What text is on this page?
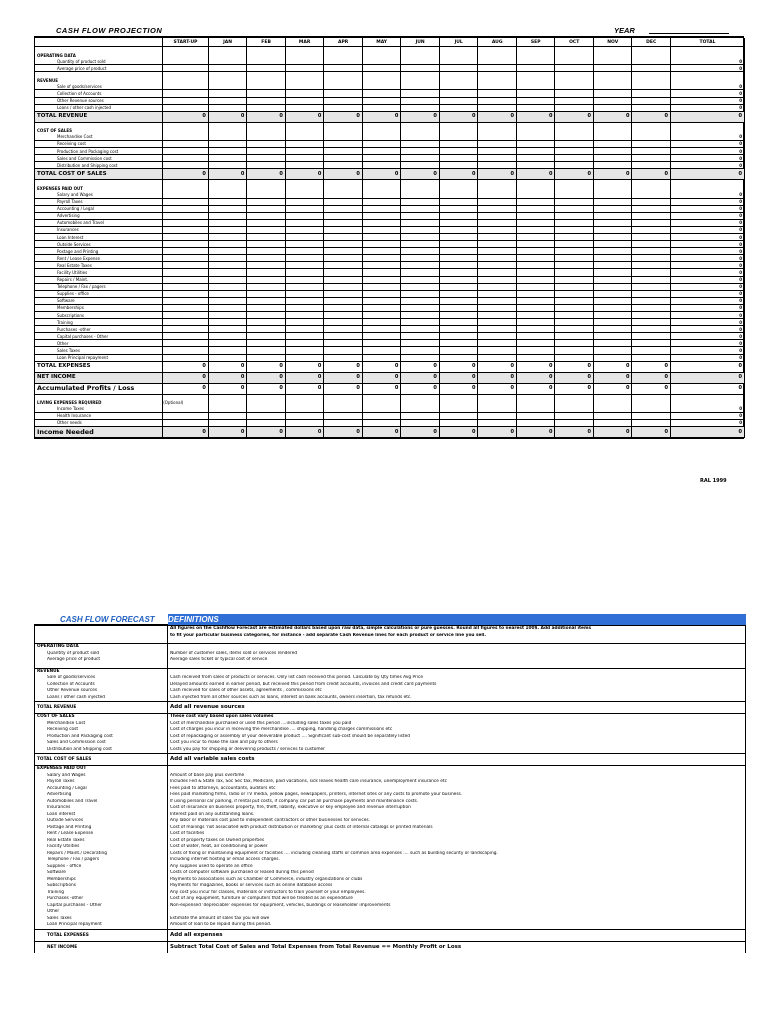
CASH FLOW PROJECTION	YEAR
	START-UP	JAN	FEB	MAR	APR	MAY	JUN	JUL	AUG	SEP	OCT	NOV	DEC	TOTAL

OPERATING DATA														
Quantity of product sold														0
Average price of product														0

REVENUE														
Sale of goods/services														0
Collection of Accounts														0
Other Revenue sources														0
Loans / other cash injected														0
TOTAL REVENUE	0	0	0	0	0	0	0	0	0	0	0	0	0	0

COST OF SALES														
Merchandise Cost														0
Receiving cost														0
Production and Packaging cost														0
Sales and Commission cost														0
Distribution and Shipping cost														0
TOTAL COST OF SALES	0	0	0	0	0	0	0	0	0	0	0	0	0	0

EXPENSES PAID OUT														
Salary and Wages														0
Payroll Taxes														0
Accounting / Legal														0
Advertising														0
Automobiles and Travel														0
Insurances														0
Loan Interest														0
Outside Services														0
Postage and Printing														0
Rent / Lease Expense														0
Real Estate Taxes														0
Facility Utilities														0
Repairs / Maint.														0
Telephone / Fax / pagers														0
Supplies - office														0
Software														0
Memberships														0
Subscriptions														0
Training														0
Purchases -other														0
Capital purchases - Other														0
Other														0
Sales Taxes														0
Loan Principal repayment														0
TOTAL EXPENSES	0	0	0	0	0	0	0	0	0	0	0	0	0	0
NET INCOME	0	0	0	0	0	0	0	0	0	0	0	0	0	0
Accumulated Profits / Loss	0	0	0	0	0	0	0	0	0	0	0	0	0	0

LIVING EXPENSES REQUIRED	(Optional)													
Income Taxes														0
Health Insurance														0
Other needs														0
Income Needed	0	0	0	0	0	0	0	0	0	0	0	0	0	0
RAL 1999
CASH FLOW FORECAST	DEFINITIONS
	All figures on the Cashflow Forecast are estimated dollars based upon raw data, simple calculations or pure guesses. Round all figures to nearest 100$. Add additional items
	to fit your particular business categories, for instance - add separate Cash Revenue lines for each product or service line you sell.

OPERATING DATA	
Quantity of product sold	Number of customer sales, items sold or services rendered
Average price of product	Average sales ticket or typical cost of service

REVENUE	
Sale of goods/services	Cash received from sales of products or services. Only list cash received this period. Calculate by Qty times Avg Price
Collection of Accounts	Delayed amounts earned in earlier period, but received this period from credit accounts, invoices and credit card payments
Other Revenue sources	Cash received for sales of other assets, agreements , commissions etc
Loans / other cash injected	Cash injected from all other sources such as loans, interest on bank accounts, owners insertion, tax refunds etc.
TOTAL REVENUE	Add all revenue sources
COST OF SALES	These cost vary based upon sales volumes
Merchandise Cost	Cost of merchandise purchased or used this period ....including sales taxes you paid
Receiving cost	Cost of charges you incur in receiving the merchandise .... shipping, handling charges commissions etc
Production and Packaging cost	Cost of repackaging or assembly of your deliverable product .... Significant sub-cost should be separately listed
Sales and Commission cost	Cost you incur to make the sale and pay to others
Distribution and Shipping cost	Costs you pay for shipping or delivering products / services to customer
TOTAL COST OF SALES	Add all variable sales costs
EXPENSES PAID OUT	
Salary and Wages	Amount of base pay plus overtime
Payroll Taxes	Includes Fed & State Tax, Soc Sec tax, Medicare, paid vacations, sick leaves health care insurance, unemployment insurance etc
Accounting / Legal	Fees paid to attorneys, accountants, auditors etc
Advertising	Fees paid marketing firms, radio or TV media, yellow pages, newspapers, printers, internet sites or any costs to promote your business.
Automobiles and Travel	If using personal car parking, if rental put costs, if company car put all purchase payments and maintenance costs.
Insurances	Cost of insurance on business property, fire, theft, liability, executive or key employee and revenue interruption
Loan interest	Interest paid on any outstanding loans.
Outside Services	Any labor or materials cost paid to independent contractors or other businesses for services.
Postage and Printing	Cost of mailings 'not associated with product distribution or marketing' plus costs of internal catalogs or printed materials
Rent / Lease Expense	Cost of facilities
Real Estate Taxes	Cost of property taxes on Owned properties
Facility Utilities	Cost of water, heat, air conditioning or power
Repairs / Maint./ Decorating	Costs of fixing or maintaining equipment or facilities .... including cleaning staffs or common area expenses .... such as building security or landscaping.
Telephone / Fax / pagers	Including internet hosting or email access charges.
Supplies - office	Any supplies used to operate an office
Software	Costs of computer software purchased or leased during this period
Memberships	Payments to associations such as Chamber of Commerce, industry organizations or clubs
Subscriptions	Payments for magazines, books or services such as online database access
Training	Any cost you incur for classes, materials or instructors to train yourself or your employees.
Purchases -other	Cost of any equipment, furniture or computers that will be treated as an expenditure
Capital purchases - Other	Non-expensed 'depreciable' expenses for equipment, vehicles, buildings or leaseholder improvements
Other	
Sales Taxes	Estimate the amount of sales tax you will owe
Loan Principal repayment	Amount of loan to be repaid during this period.
TOTAL EXPENSES	Add all expenses
NET INCOME	Subtract Total Cost of Sales and Total Expenses from Total Revenue == Monthly Profit or Loss
